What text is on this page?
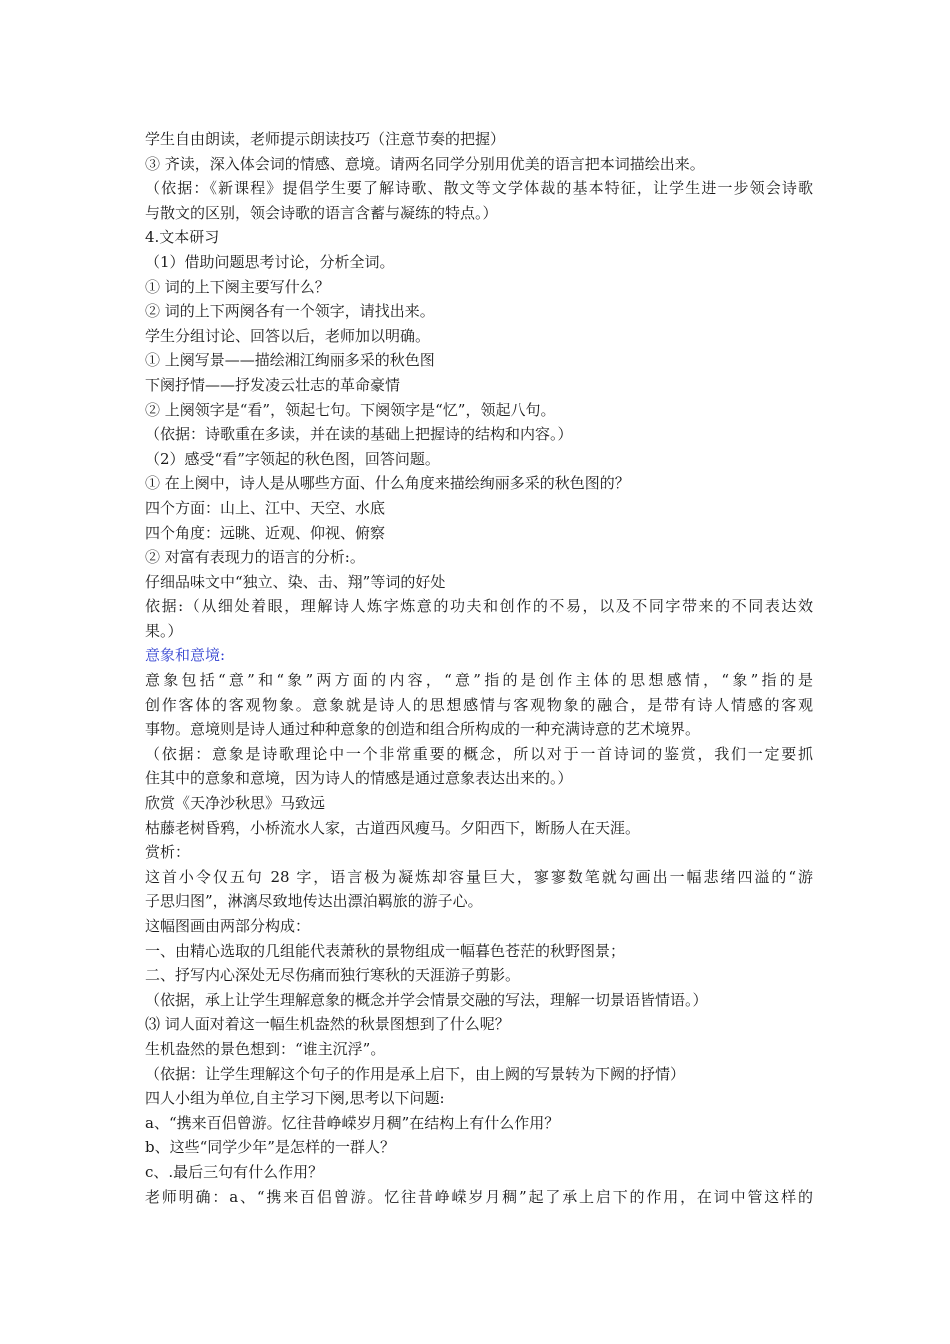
学生自由朗读，老师提示朗读技巧（注意节奏的把握）
③ 齐读，深入体会词的情感、意境。请两名同学分别用优美的语言把本词描绘出来。
（依据：《新课程》提倡学生要了解诗歌、散文等文学体裁的基本特征，让学生进一步领会诗歌
与散文的区别，领会诗歌的语言含蓄与凝练的特点。）
4.文本研习
（1）借助问题思考讨论，分析全词。
① 词的上下阕主要写什么？
② 词的上下两阕各有一个领字，请找出来。
学生分组讨论、回答以后，老师加以明确。
① 上阕写景——描绘湘江绚丽多采的秋色图
下阕抒情——抒发凌云壮志的革命豪情
② 上阕领字是“看”，领起七句。下阕领字是“忆”，领起八句。
（依据：诗歌重在多读，并在读的基础上把握诗的结构和内容。）
（2）感受“看”字领起的秋色图，回答问题。
① 在上阕中，诗人是从哪些方面、什么角度来描绘绚丽多采的秋色图的？
四个方面：山上、江中、天空、水底
四个角度：远眺、近观、仰视、俯察
② 对富有表现力的语言的分析:。
仔细品味文中“独立、染、击、翔”等词的好处
依据:（从细处着眼，理解诗人炼字炼意的功夫和创作的不易，以及不同字带来的不同表达效
果。）
意象和意境:
意象包括“意”和“象”两方面的内容，“意”指的是创作主体的思想感情，“象”指的是
创作客体的客观物象。意象就是诗人的思想感情与客观物象的融合，是带有诗人情感的客观
事物。意境则是诗人通过种种意象的创造和组合所构成的一种充满诗意的艺术境界。
（依据：意象是诗歌理论中一个非常重要的概念，所以对于一首诗词的鉴赏，我们一定要抓
住其中的意象和意境，因为诗人的情感是通过意象表达出来的。）
欣赏《天净沙秋思》马致远
枯藤老树昏鸦，小桥流水人家，古道西风瘦马。夕阳西下，断肠人在天涯。
赏析：
这首小令仅五句 28 字，语言极为凝炼却容量巨大，寥寥数笔就勾画出一幅悲绪四溢的“游
子思归图”，淋漓尽致地传达出漂泊羁旅的游子心。
这幅图画由两部分构成：
一、由精心选取的几组能代表萧秋的景物组成一幅暮色苍茫的秋野图景；
二、抒写内心深处无尽伤痛而独行寒秋的天涯游子剪影。
（依据，承上让学生理解意象的概念并学会情景交融的写法，理解一切景语皆情语。）
⑶ 词人面对着这一幅生机盎然的秋景图想到了什么呢？
生机盎然的景色想到：“谁主沉浮”。
（依据：让学生理解这个句子的作用是承上启下，由上阙的写景转为下阙的抒情）
四人小组为单位,自主学习下阕,思考以下问题:
a、“携来百侣曾游。忆往昔峥嵘岁月稠”在结构上有什么作用？
b、这些“同学少年”是怎样的一群人？
c、.最后三句有什么作用？
老师明确：a、“携来百侣曾游。忆往昔峥嵘岁月稠”起了承上启下的作用，在词中管这样的
